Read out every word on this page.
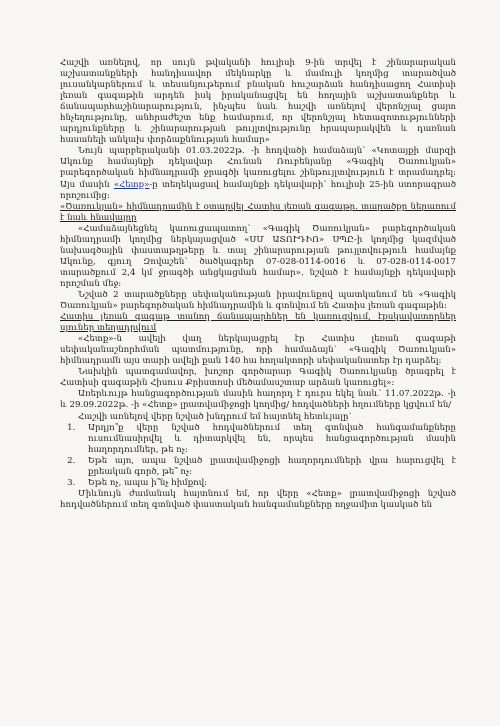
Հաշվի առնելով, որ սույն թվականի հուլիսի 9-ին տրվել է շինարարական աշխատանքների հանդիսավոր մեկնարկը և մամուլի կողմից տարածված լուսանկարներում և տեսանյութերում բնական հուշարձան հանդիսացող Հատիսի լեռան գագաթին արդեն իսկ իրականացվել են հողային աշխատանքներ և ճանապարհաշինարարություն, ինչպես նաև հաշվի առնելով վերոնշյալ ցայտ հնչեղությունը, անհրաժեշտ ենք համարում, որ վերոնշյալ հետազոտությունների արդյունքները և շինարարության թույլտվությունը հրապարակվեն և դառնան հասանելի անկախ փորձաքննության համար»

Նույն պարբերականի 01.03.2022թ. -ի հոդվածի համաձայն՝ «Կոտայքի մարզի Ակունք համայնքի դեկավար Հունան Ռուբենյանը «Գագիկ Ծառուկյան» բարեգործական հիմնադրամի ջրագծի կառուցելու շինթույլտվություն է տրամադրել: Այս մասին «Հետք»-ը տեղեկացավ համայնքի դեկավարի՝ հուլիսի 25-ին ստորագրած որոշումից:
«Ծառուկյան» հիմնադրամին է օտարվել Հատիս լեռան գագաթը. տարածքը ներառում է նաև հնավայրը

«Համաձայնեցնել կառուցապատող՝ «Գագիկ Ծառուկյան» բարեգործական հիմնադրամի կողմից ներկայացված «ՍՄ ԱՏՈՒԴԻՈ» ՍՊԸ-ի կողմից կազմված նախագծային փաստաթղթերը և տալ շինարարության թույլտվություն համայնք Ակունք, գյուղ Զովաշեն՝ ծածկագրեր 07-028-0114-0016 և 07-028-0114-0017 տարածքում 2,4 կմ ջրագծի անցկացման համար». նշված է համայնքի դեկավարի որոշման մեջ:

Նշված 2 տարածքները սեփականության իրավունքով պատկանում են «Գագիկ Ծառուկյան» բարեգործական հիմնադրամին և գտնվում են Հատիս լեռան գագաթին:
Հատիս լեռան գագաթ տանող ճանապարհներ են կառուցվում, էքսկավատորներ սյուներ տեղադրվում

«Հետք»-ն ավելի վաղ ներկայացրել էր Հատիս լեռան գագաթի սեփականաշնորհման պատմությունը, որի համաձայն՝ «Գագիկ Ծառուկյան» հիմնադրամն այս տարի ավելի քան 140 հա հողակտորի սեփականատեր էր դարձել:

Նախկին պատգամավոր, խոշոր գործարար Գագիկ Ծառուկյանը ծրագրել է Հատիսի գագաթին Հիսուս Քրիստոսի մեծամասշտաբ արձան կառուցել»:

Առերևույթ հանցագործության մասին հաղորդ է դուրս եկել նաև՝ 11.07.2022թ. -ի և 29.09.2022թ. -ի «Հետք» լրատվամիջոցի կողմից/ հոդվածների հղումները կցվում են/

Հաշվի առնելով վերը նշված խնդրում եմ հայտնել հետևյալը՝

1. Արդյո՞ք վերը նշված հոդվածներում տեղ գտնված հանգամանքները ուսումնասիրվել և դիտարկվել են, որպես հանցագործության մասին հաղորդումներ, թե ոչ:
2. Եթե այո, ապա նշված լրատվամիջոցի հաղորդումների վրա հարուցվել է քրեական գործ, թե՞ ոչ:
3. Եթե ոչ, ապա ի՞նչ հիմքով:

Միևնույն ժամանակ հայտնում եմ, որ վերը «Հետք» լրատվամիջոցի նշված հոդվածներում տեղ գտնված փաստական հանգամանքները ողջամիտ կասկած են
